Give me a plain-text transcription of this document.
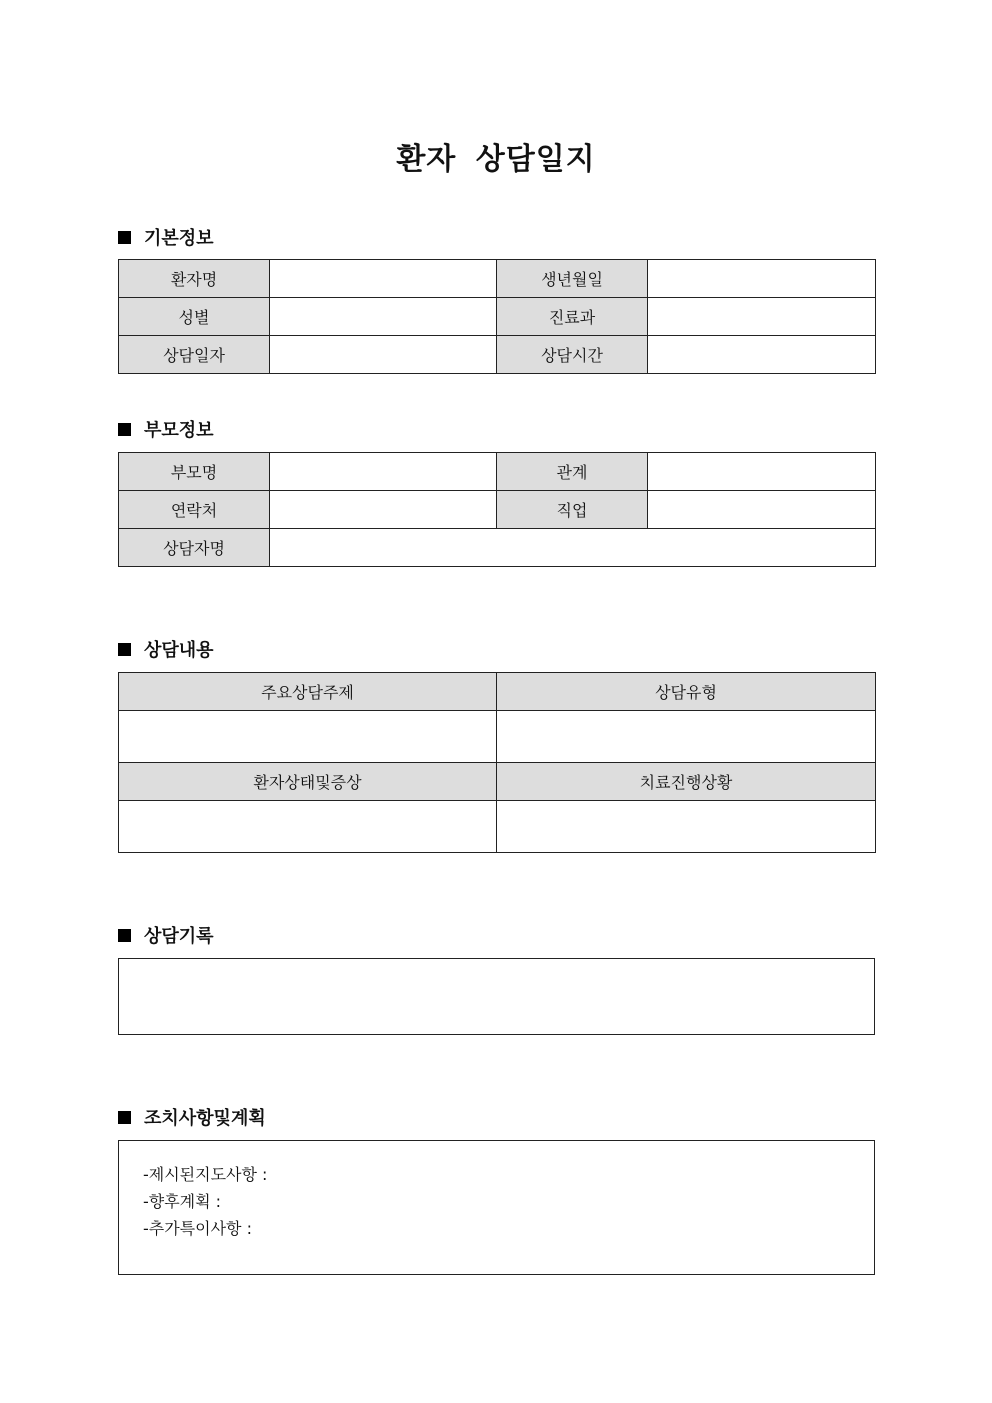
환자 상담일지
기본정보
환자명		생년월일	
성별		진료과	
상담일자		상담시간	
부모정보
부모명		관계	
연락처		직업	
상담자명			
상담내용
주요상담주제	상담유형

환자상태및증상	치료진행상황

상담기록
조치사항및계획
-제시된지도사항 :
-향후계획 :
-추가특이사항 :
